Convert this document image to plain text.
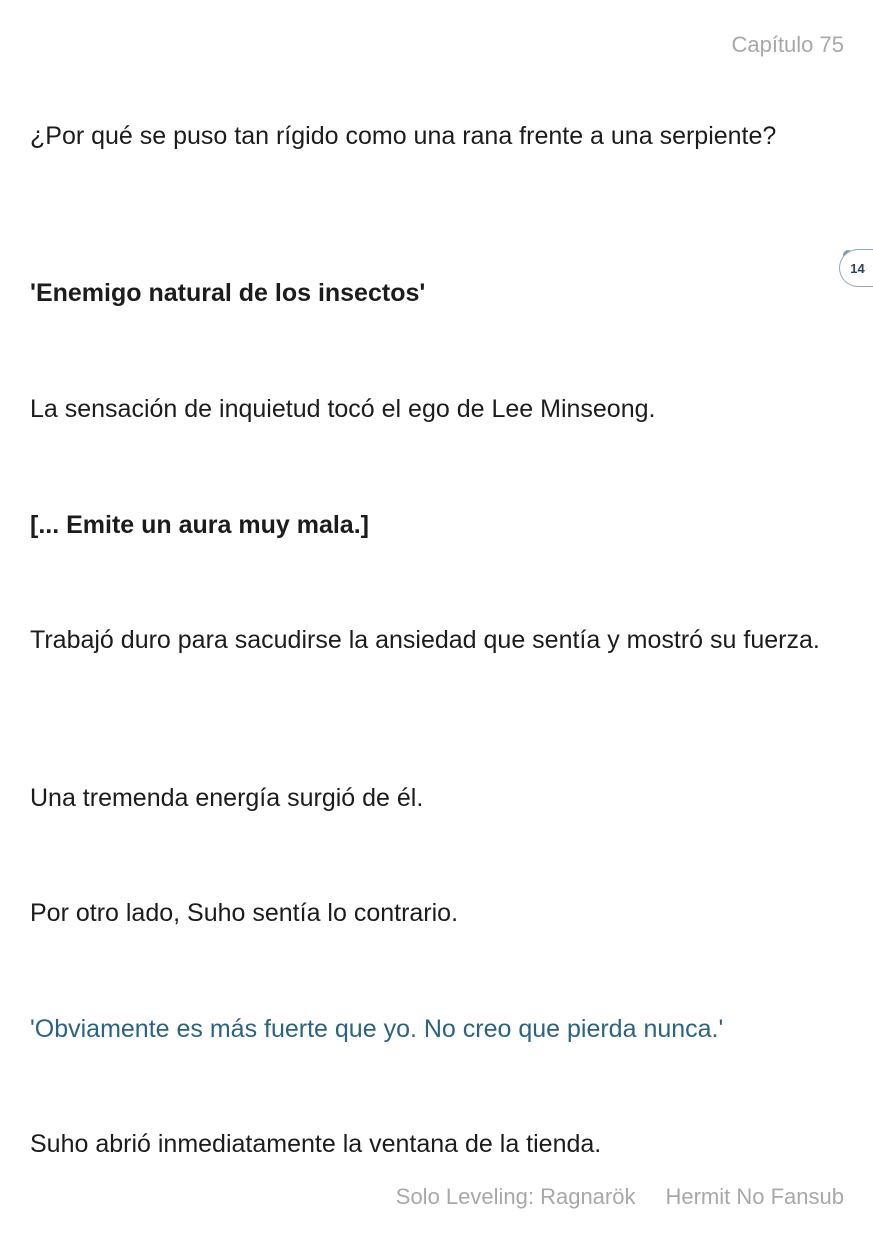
Capítulo 75

¿Por qué se puso tan rígido como una rana frente a una serpiente?

'Enemigo natural de los insectos'

La sensación de inquietud tocó el ego de Lee Minseong.

[... Emite un aura muy mala.]

Trabajó duro para sacudirse la ansiedad que sentía y mostró su fuerza.

Una tremenda energía surgió de él.

Por otro lado, Suho sentía lo contrario.

'Obviamente es más fuerte que yo. No creo que pierda nunca.'

Suho abrió inmediatamente la ventana de la tienda.

14
Solo Leveling: Ragnarök Hermit No Fansub
